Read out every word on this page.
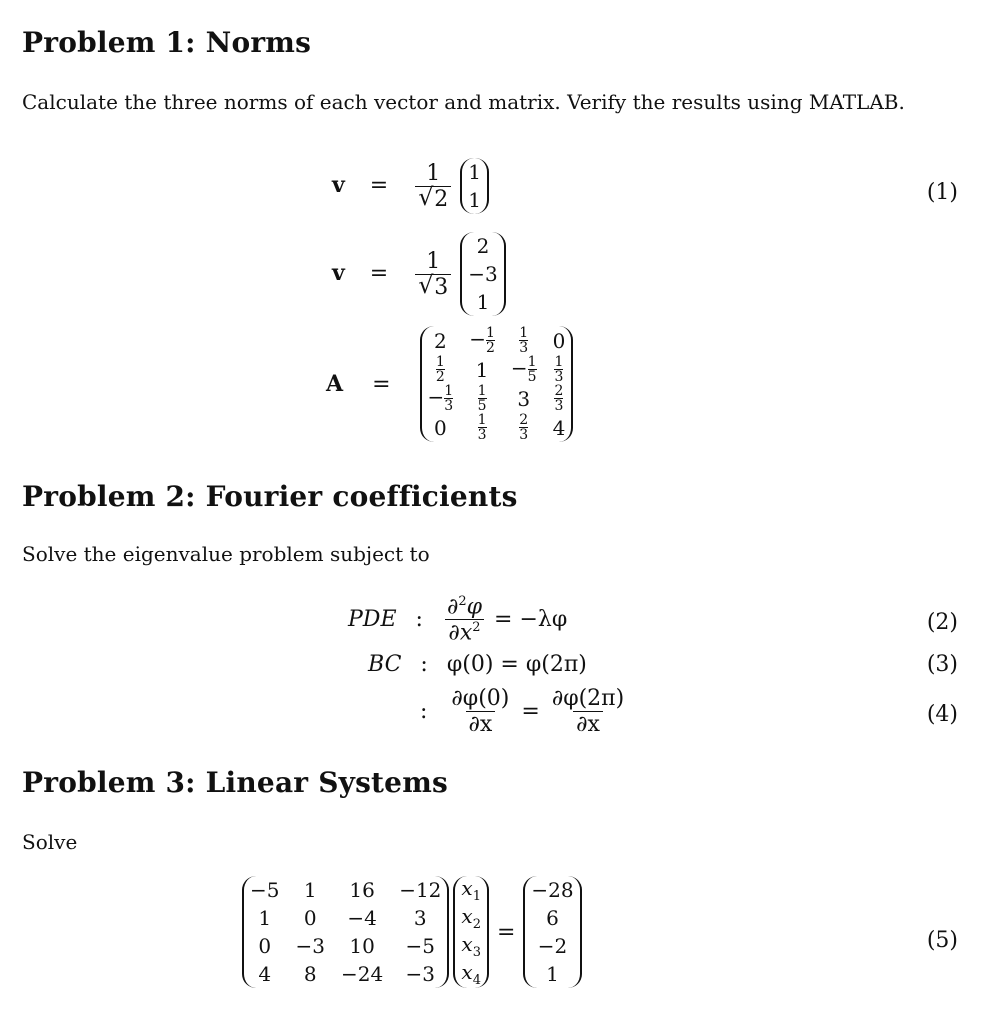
Problem 1: Norms

Calculate the three norms of each vector and matrix. Verify the results using MATLAB.

$v = \frac{1}{√ 2}$
1
1	(1)
$v = \frac{1}{√ 3}$

2
−3
1
A =
2	− $\frac{1}{2}$	$\frac{1}{3}$	0

$\frac{1}{2}$	1	− $\frac{1}{5}$	$\frac{1}{3}$

− $\frac{1}{3}$	$\frac{1}{5}$	3	$\frac{2}{3}$

0	$\frac{1}{3}$	$\frac{2}{3}$	4
Problem 2: Fourier coefficients

Solve the eigenvalue problem subject to

PDE : $\frac{\partial^2\varphi}{\partial x^2} = -\lambda\varphi$	(2)
BC : φ(0) = φ(2π)	(3)
: $\frac{\partial\varphi(0)}{\partial x} = \frac{\partial\varphi(2\pi)}{\partial x}$	(4)
Problem 3: Linear Systems

Solve

−5	1	16	−12
1	0	−4	3
0	−3	10	−5
4	8	−24	−3
$x_1$
$x_2$
$x_3$
$x_4$
=
−28
6
−2
1
(5)
